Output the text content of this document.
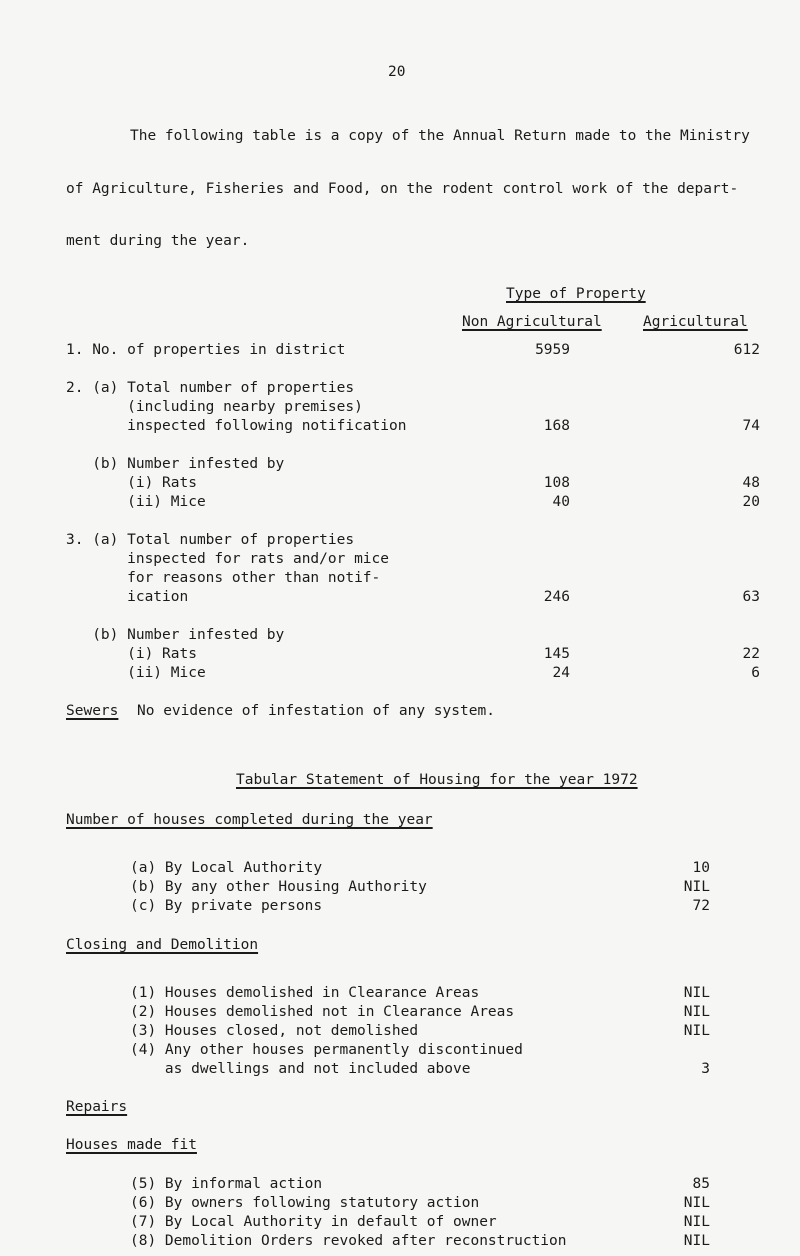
20
The following table is a copy of the Annual Return made to the Ministry
of Agriculture, Fisheries and Food, on the rodent control work of the depart-
ment during the year.
Type of Property
Non Agricultural	Agricultural
1. No. of properties in district	5959	612
2. (a) Total number of properties
(including nearby premises)
inspected following notification	168	74
(b) Number infested by
(i) Rats	108	48
(ii) Mice	40	20
3. (a) Total number of properties
inspected for rats and/or mice
for reasons other than notif-
ication	246	63
(b) Number infested by
(i) Rats	145	22
(ii) Mice	24	6
Sewers No evidence of infestation of any system.
Tabular Statement of Housing for the year 1972
Number of houses completed during the year
(a) By Local Authority	10
(b) By any other Housing Authority	NIL
(c) By private persons	72
Closing and Demolition
(1) Houses demolished in Clearance Areas	NIL
(2) Houses demolished not in Clearance Areas	NIL
(3) Houses closed, not demolished	NIL
(4) Any other houses permanently discontinued
as dwellings and not included above	3
Repairs
Houses made fit
(5) By informal action	85
(6) By owners following statutory action	NIL
(7) By Local Authority in default of owner	NIL
(8) Demolition Orders revoked after reconstruction	NIL
